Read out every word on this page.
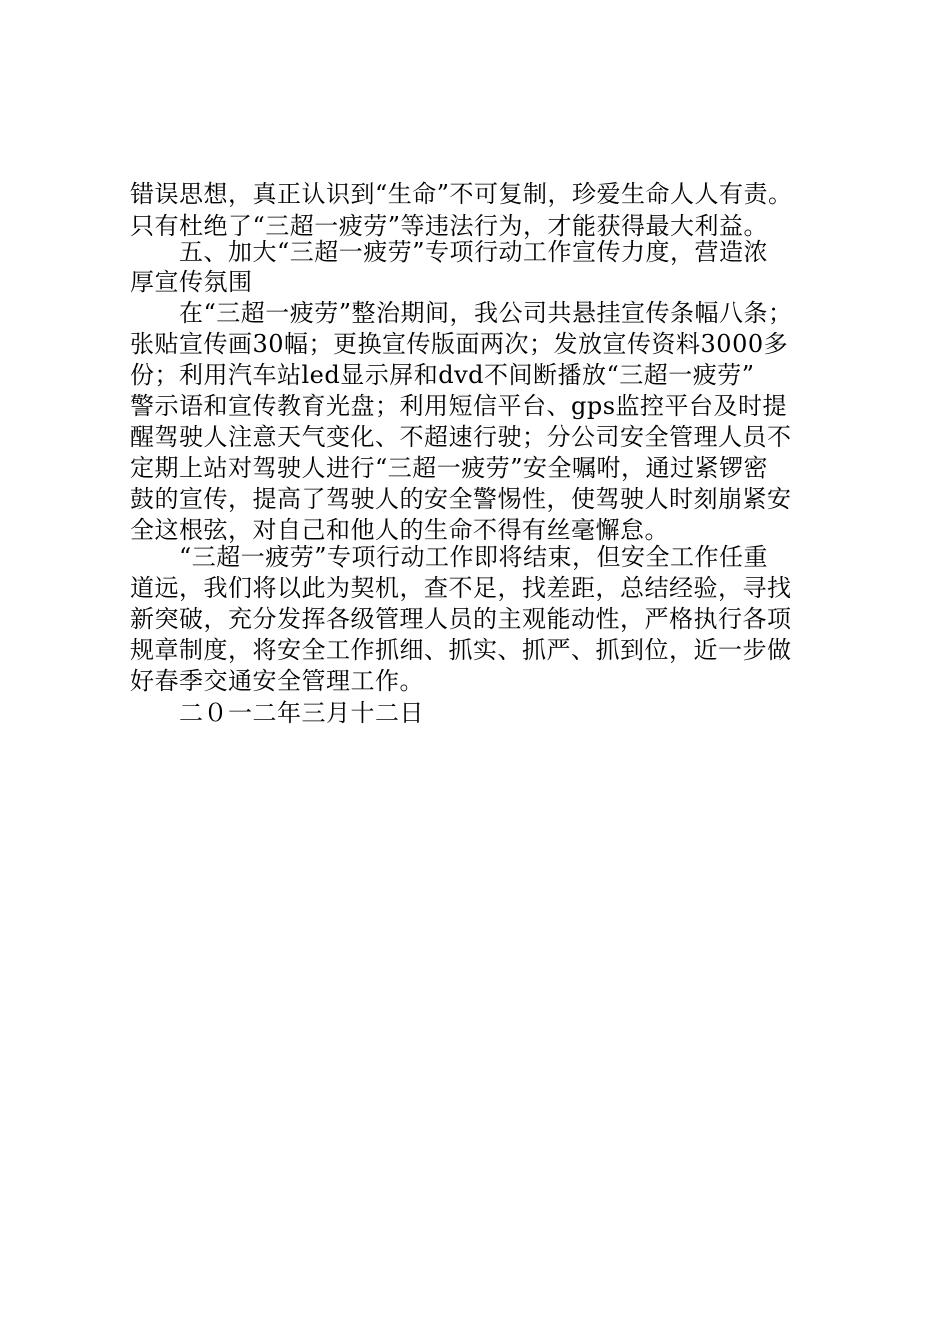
错误思想，真正认识到“生命”不可复制，珍爱生命人人有责。
只有杜绝了“三超一疲劳”等违法行为，才能获得最大利益。
　　五、加大“三超一疲劳”专项行动工作宣传力度，营造浓
厚宣传氛围
　　在“三超一疲劳”整治期间，我公司共悬挂宣传条幅八条；
张贴宣传画30幅；更换宣传版面两次；发放宣传资料3000多
份；利用汽车站led显示屏和dvd不间断播放“三超一疲劳”
警示语和宣传教育光盘；利用短信平台、gps监控平台及时提
醒驾驶人注意天气变化、不超速行驶；分公司安全管理人员不
定期上站对驾驶人进行“三超一疲劳”安全嘱咐，通过紧锣密
鼓的宣传，提高了驾驶人的安全警惕性，使驾驶人时刻崩紧安
全这根弦，对自己和他人的生命不得有丝毫懈怠。
　　“三超一疲劳”专项行动工作即将结束，但安全工作任重
道远，我们将以此为契机，查不足，找差距，总结经验，寻找
新突破，充分发挥各级管理人员的主观能动性，严格执行各项
规章制度，将安全工作抓细、抓实、抓严、抓到位，近一步做
好春季交通安全管理工作。
　　二０一二年三月十二日
